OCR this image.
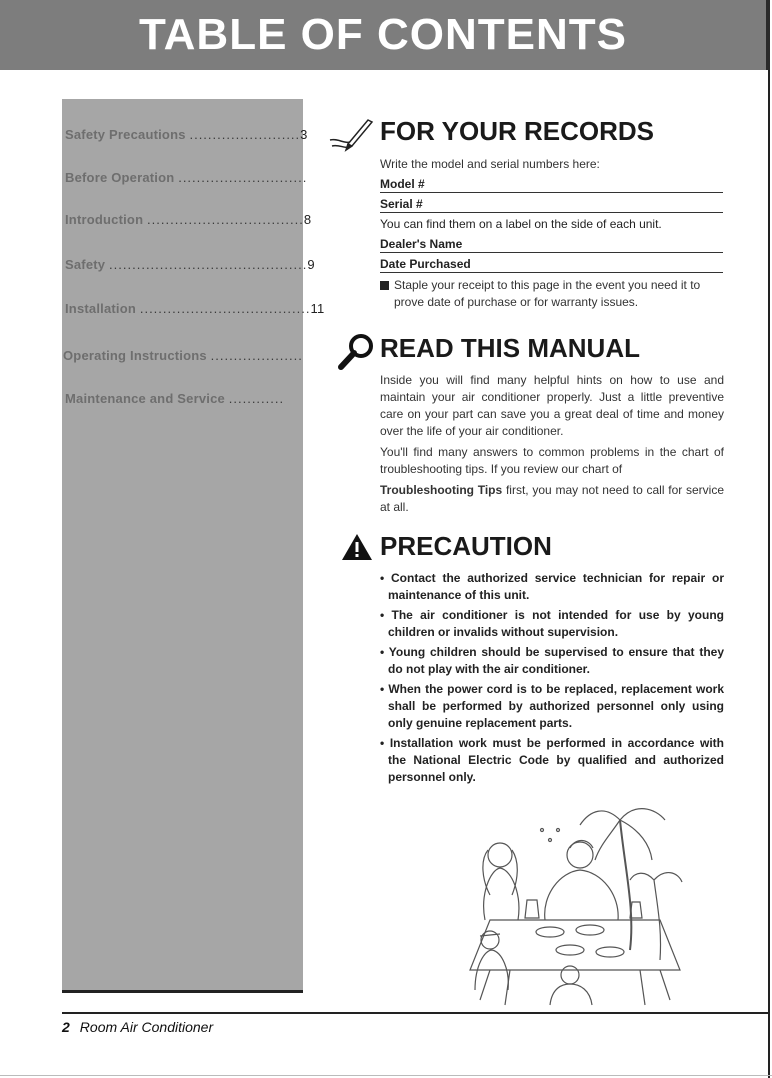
TABLE OF CONTENTS
Safety Precautions ........................3
Before Operation ............................
Introduction ..................................8
Safety ...........................................9
Installation .....................................11
Operating Instructions ....................
Maintenance and Service ............
FOR YOUR RECORDS
Write the model and serial numbers here:
Model #
Serial #
You can find them on a label on the side of each unit.
Dealer's Name
Date Purchased
Staple your receipt to this page in the event you need it to prove date of purchase or for warranty issues.
READ THIS MANUAL

Inside you will find many helpful hints on how to use and maintain your air conditioner properly. Just a little preventive care on your part can save you a great deal of time and money over the life of your air conditioner.

You'll find many answers to common problems in the chart of troubleshooting tips. If you review our chart of

Troubleshooting Tips first, you may not need to call for service at all.

PRECAUTION
• Contact the authorized service technician for repair or maintenance of this unit.
• The air conditioner is not intended for use by young children or invalids without supervision.
• Young children should be supervised to ensure that they do not play with the air conditioner.
• When the power cord is to be replaced, replacement work shall be performed by authorized personnel only using only genuine replacement parts.
• Installation work must be performed in accordance with the National Electric Code by qualified and authorized personnel only.
2 Room Air Conditioner
